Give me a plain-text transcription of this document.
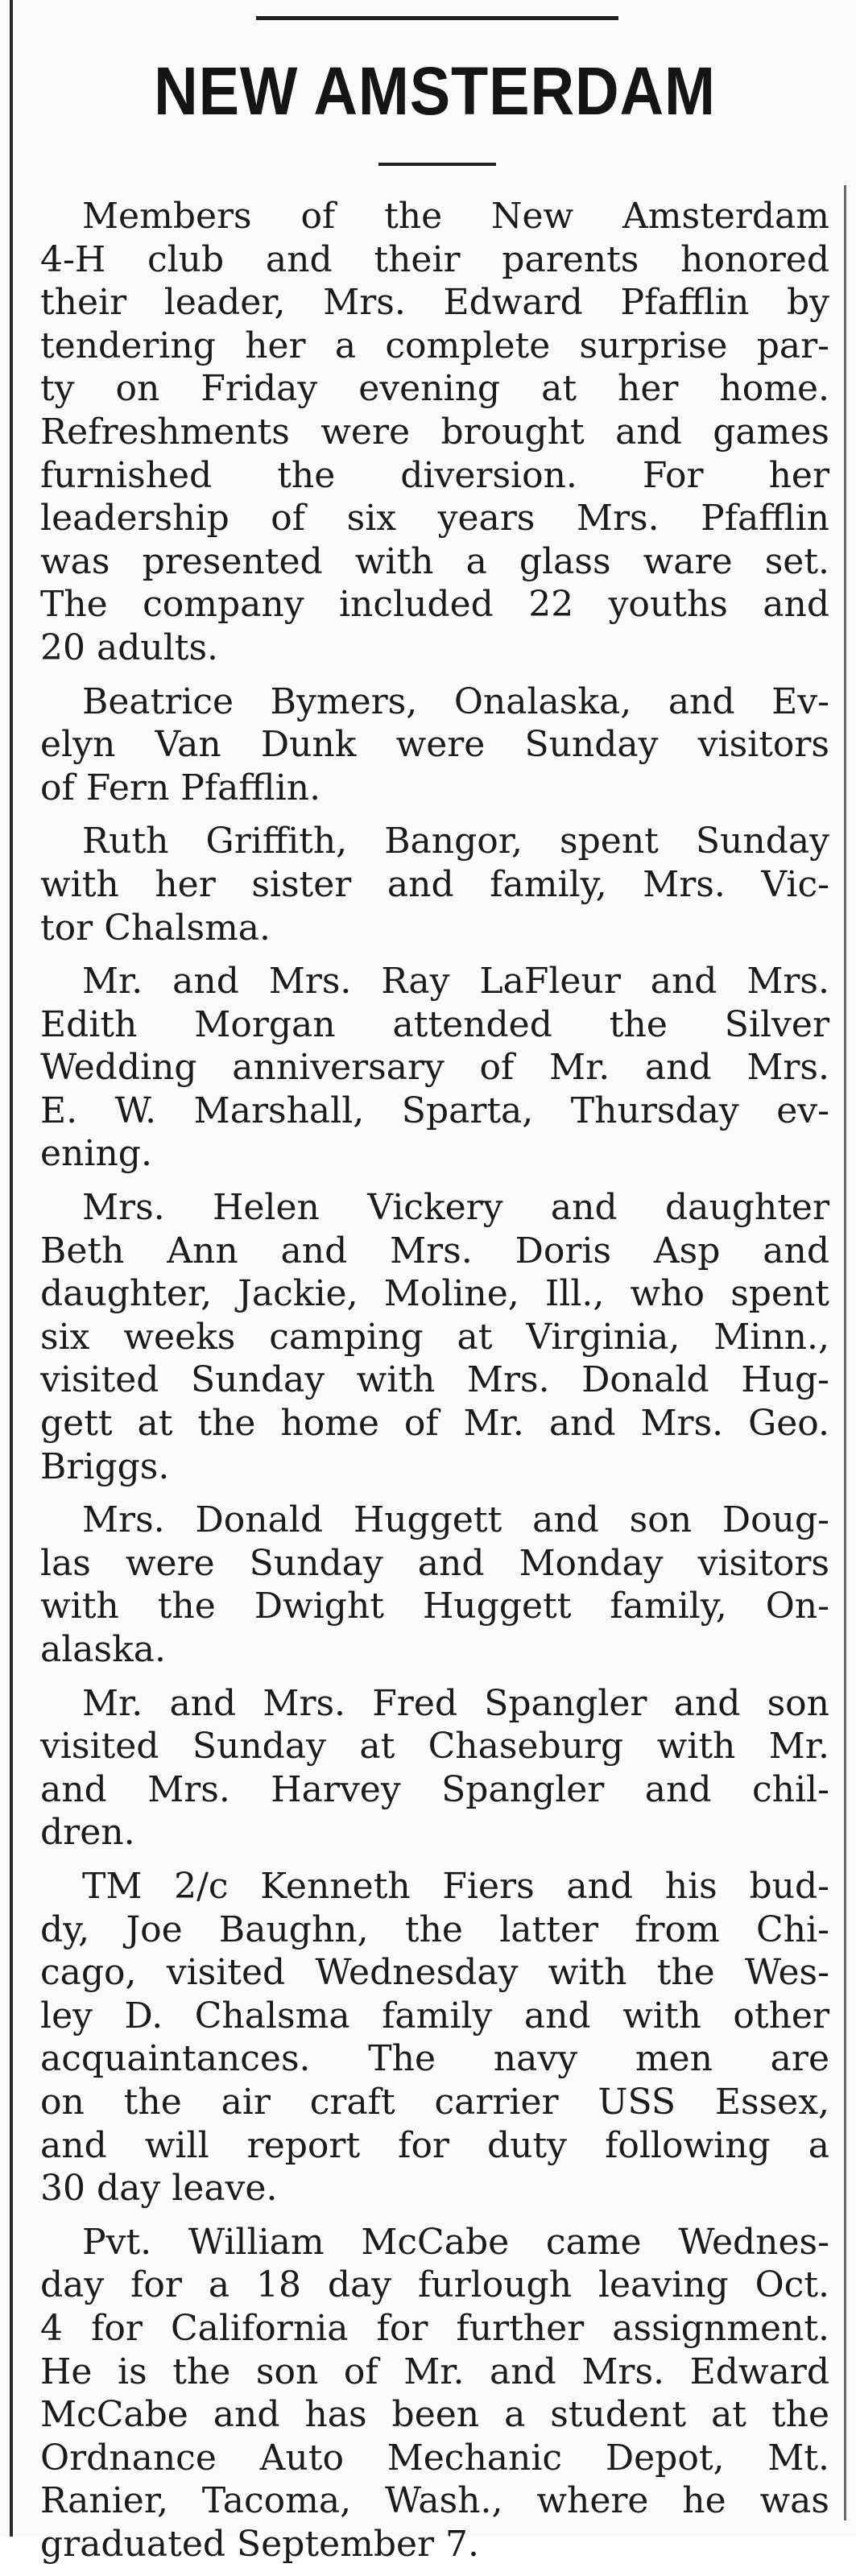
NEW AMSTERDAM

Members of the New Amsterdam
4-H club and their parents honored
their leader, Mrs. Edward Pfafflin by
tendering her a complete surprise par-
ty on Friday evening at her home.
Refreshments were brought and games
furnished the diversion. For her
leadership of six years Mrs. Pfafflin
was presented with a glass ware set.
The company included 22 youths and
20 adults.

Beatrice Bymers, Onalaska, and Ev-
elyn Van Dunk were Sunday visitors
of Fern Pfafflin.

Ruth Griffith, Bangor, spent Sunday
with her sister and family, Mrs. Vic-
tor Chalsma.

Mr. and Mrs. Ray LaFleur and Mrs.
Edith Morgan attended the Silver
Wedding anniversary of Mr. and Mrs.
E. W. Marshall, Sparta, Thursday ev-
ening.

Mrs. Helen Vickery and daughter
Beth Ann and Mrs. Doris Asp and
daughter, Jackie, Moline, Ill., who spent
six weeks camping at Virginia, Minn.,
visited Sunday with Mrs. Donald Hug-
gett at the home of Mr. and Mrs. Geo.
Briggs.

Mrs. Donald Huggett and son Doug-
las were Sunday and Monday visitors
with the Dwight Huggett family, On-
alaska.

Mr. and Mrs. Fred Spangler and son
visited Sunday at Chaseburg with Mr.
and Mrs. Harvey Spangler and chil-
dren.

TM 2/c Kenneth Fiers and his bud-
dy, Joe Baughn, the latter from Chi-
cago, visited Wednesday with the Wes-
ley D. Chalsma family and with other
acquaintances. The navy men are
on the air craft carrier USS Essex,
and will report for duty following a
30 day leave.

Pvt. William McCabe came Wednes-
day for a 18 day furlough leaving Oct.
4 for California for further assignment.
He is the son of Mr. and Mrs. Edward
McCabe and has been a student at the
Ordnance Auto Mechanic Depot, Mt.
Ranier, Tacoma, Wash., where he was
graduated September 7.
